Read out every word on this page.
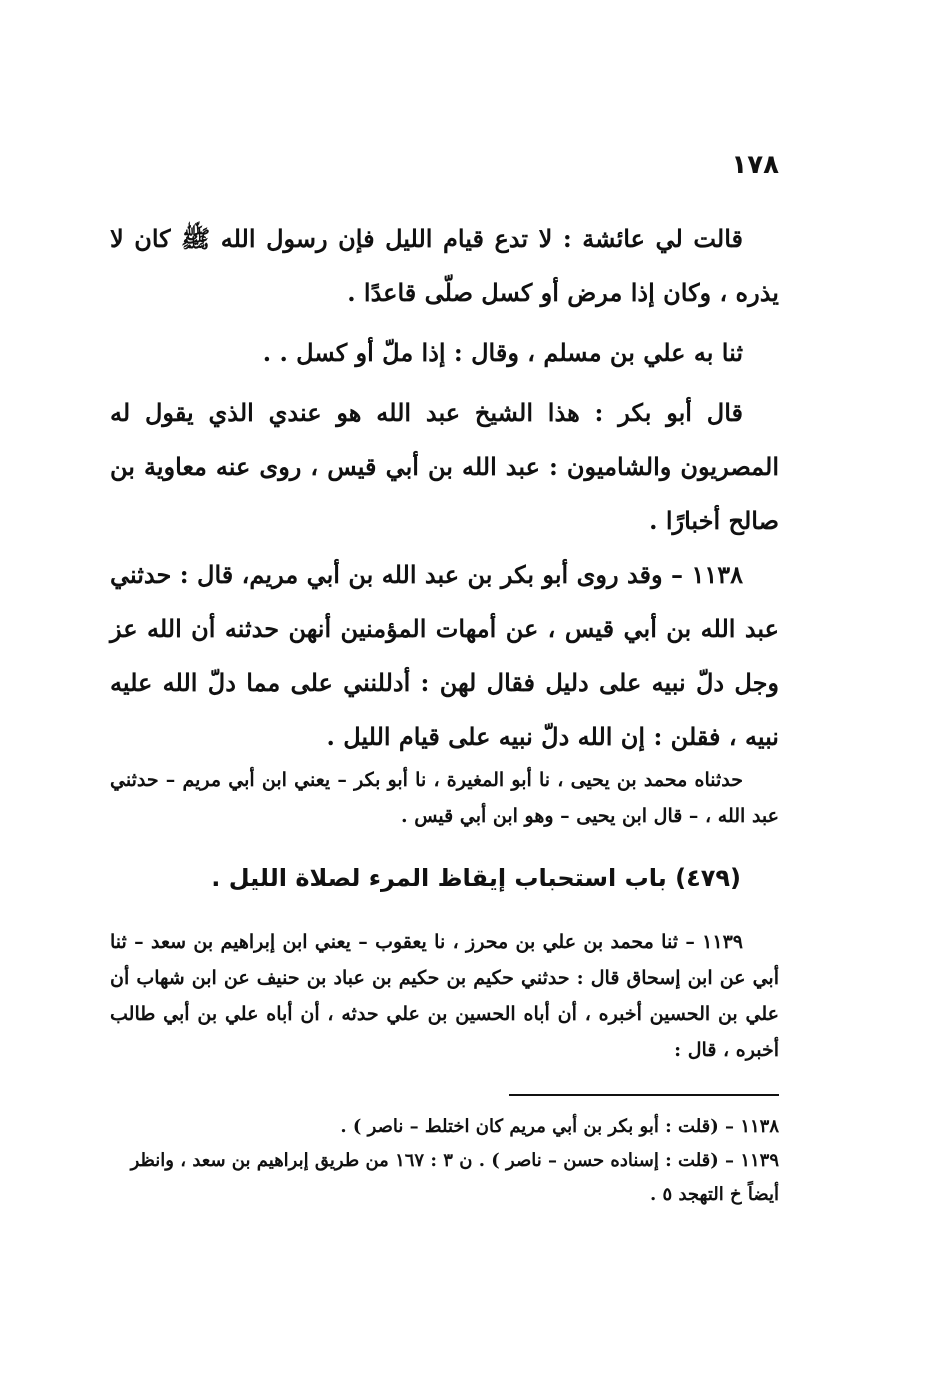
١٧٨

قالت لي عائشة : لا تدع قيام الليل فإن رسول الله ﷺ كان لا يذره ، وكان إذا مرض أو كسل صلّى قاعدًا .

ثنا به علي بن مسلم ، وقال : إذا ملّ أو كسل . .

قال أبو بكر : هذا الشيخ عبد الله هو عندي الذي يقول له المصريون والشاميون : عبد الله بن أبي قيس ، روى عنه معاوية بن صالح أخبارًا .

١١٣٨ – وقد روى أبو بكر بن عبد الله بن أبي مريم، قال : حدثني عبد الله بن أبي قيس ، عن أمهات المؤمنين أنهن حدثنه أن الله عز وجل دلّ نبيه على دليل فقال لهن : أدللنني على مما دلّ الله عليه نبيه ، فقلن : إن الله دلّ نبيه على قيام الليل .

حدثناه محمد بن يحيى ، نا أبو المغيرة ، نا أبو بكر – يعني ابن أبي مريم – حدثني عبد الله ، – قال ابن يحيى – وهو ابن أبي قيس .

(٤٧٩) باب استحباب إيقاظ المرء لصلاة الليل .

١١٣٩ – ثنا محمد بن علي بن محرز ، نا يعقوب – يعني ابن إبراهيم بن سعد – ثنا أبي عن ابن إسحاق قال : حدثني حكيم بن حكيم بن عباد بن حنيف عن ابن شهاب أن علي بن الحسين أخبره ، أن أباه الحسين بن علي حدثه ، أن أباه علي بن أبي طالب أخبره ، قال :

١١٣٨ – (قلت : أبو بكر بن أبي مريم كان اختلط – ناصر ) .

١١٣٩ – (قلت : إسناده حسن – ناصر ) . ن ٣ : ١٦٧ من طريق إبراهيم بن سعد ، وانظر أيضاً خ التهجد ٥ .
